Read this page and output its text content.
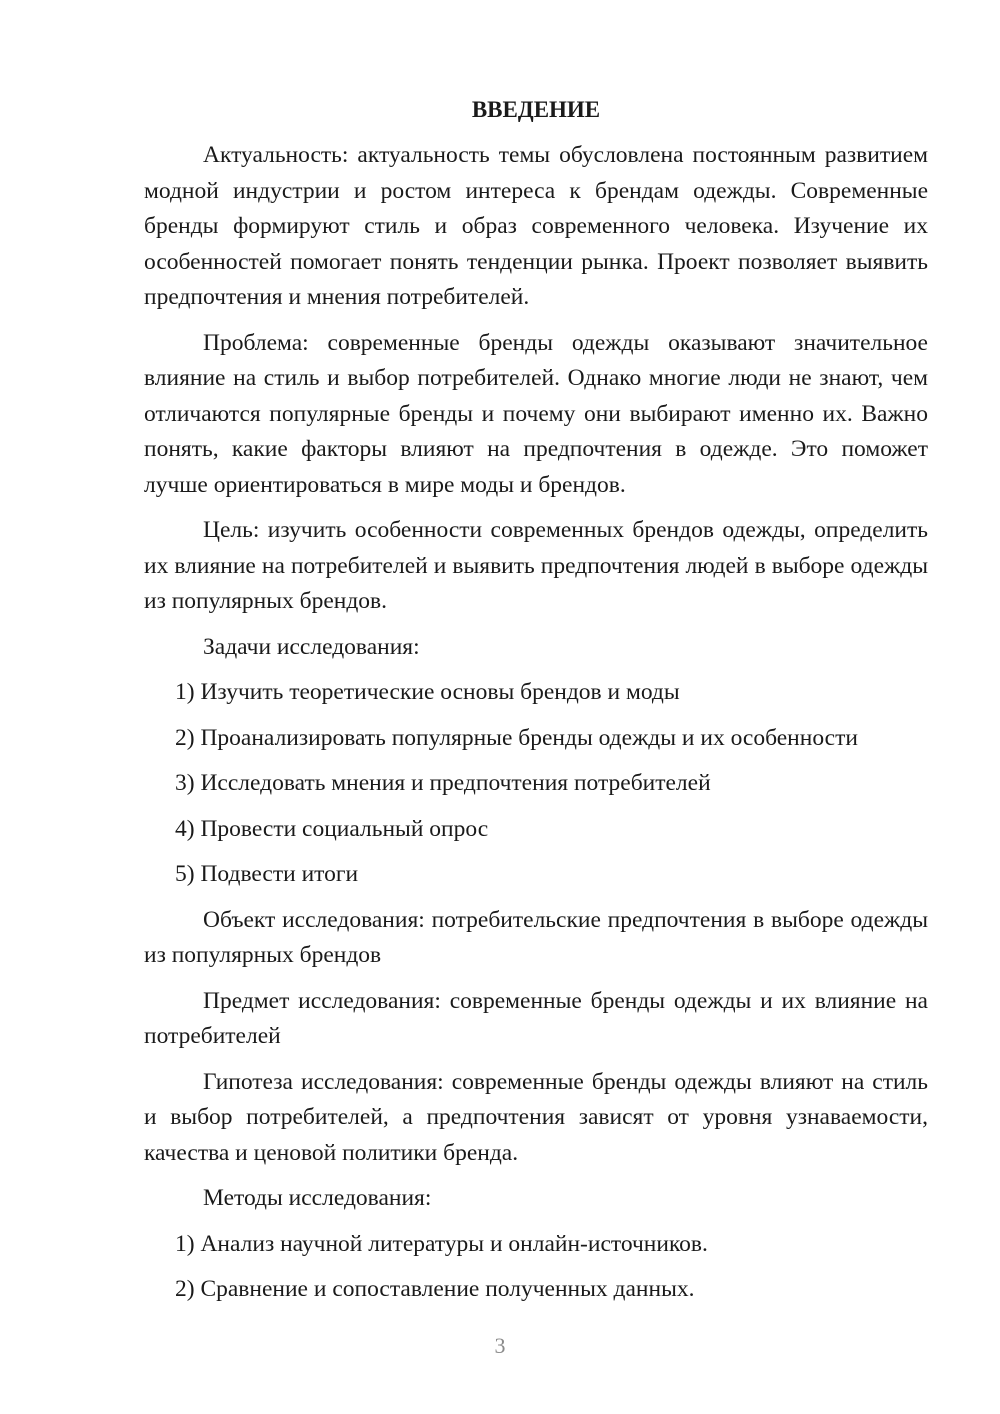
ВВЕДЕНИЕ
Актуальность: актуальность темы обусловлена постоянным развитием модной индустрии и ростом интереса к брендам одежды. Современные бренды формируют стиль и образ современного человека. Изучение их особенностей помогает понять тенденции рынка. Проект позволяет выявить предпочтения и мнения потребителей.
Проблема: современные бренды одежды оказывают значительное влияние на стиль и выбор потребителей. Однако многие люди не знают, чем отличаются популярные бренды и почему они выбирают именно их. Важно понять, какие факторы влияют на предпочтения в одежде. Это поможет лучше ориентироваться в мире моды и брендов.
Цель: изучить особенности современных брендов одежды, определить их влияние на потребителей и выявить предпочтения людей в выборе одежды из популярных брендов.
Задачи исследования:
1) Изучить теоретические основы брендов и моды
2) Проанализировать популярные бренды одежды и их особенности
3) Исследовать мнения и предпочтения потребителей
4) Провести социальный опрос
5) Подвести итоги
Объект исследования: потребительские предпочтения в выборе одежды из популярных брендов
Предмет исследования: современные бренды одежды и их влияние на потребителей
Гипотеза исследования: современные бренды одежды влияют на стиль и выбор потребителей, а предпочтения зависят от уровня узнаваемости, качества и ценовой политики бренда.
Методы исследования:
1) Анализ научной литературы и онлайн-источников.
2) Сравнение и сопоставление полученных данных.
3
